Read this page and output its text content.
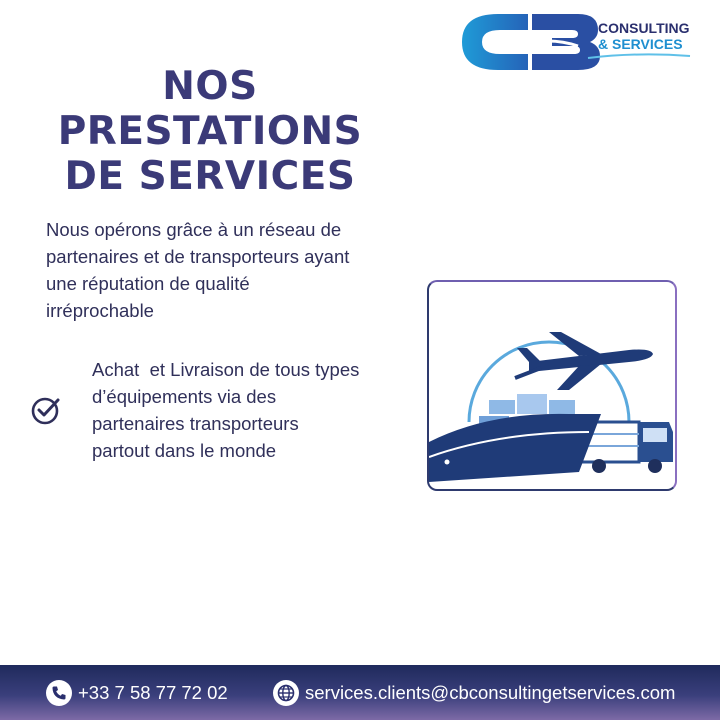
CONSULTING
& SERVICES
NOS
PRESTATIONS
DE SERVICES
Nous opérons grâce à un réseau de
partenaires et de transporteurs ayant
une réputation de qualité
irréprochable
Achat  et Livraison de tous types
d’équipements via des
partenaires transporteurs
partout dans le monde
+33 7 58 77 72 02	services.clients@cbconsultingetservices.com
